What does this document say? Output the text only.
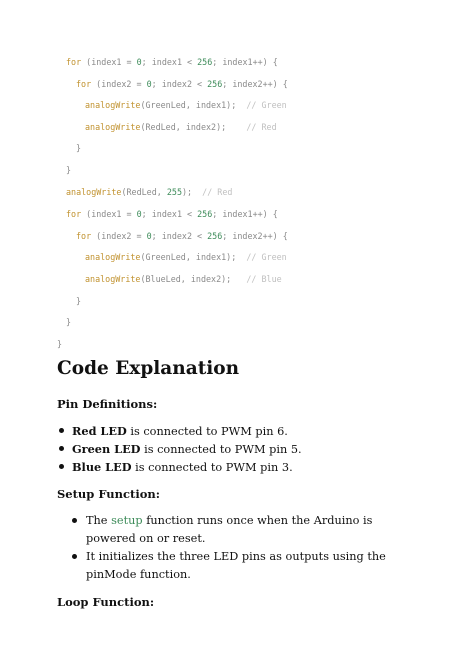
for (index1 = 0; index1 < 256; index1++) {
for (index2 = 0; index2 < 256; index2++) {
analogWrite(GreenLed, index1);  // Green
analogWrite(RedLed, index2);    // Red
}
}
analogWrite(RedLed, 255);  // Red
for (index1 = 0; index1 < 256; index1++) {
for (index2 = 0; index2 < 256; index2++) {
analogWrite(GreenLed, index1);  // Green
analogWrite(BlueLed, index2);   // Blue
}
}
}
Code Explanation
Pin Definitions:
Red LED is connected to PWM pin 6.
Green LED is connected to PWM pin 5.
Blue LED is connected to PWM pin 3.
Setup Function:
The setup function runs once when the Arduino is powered on or reset.
It initializes the three LED pins as outputs using the pinMode function.
Loop Function:
